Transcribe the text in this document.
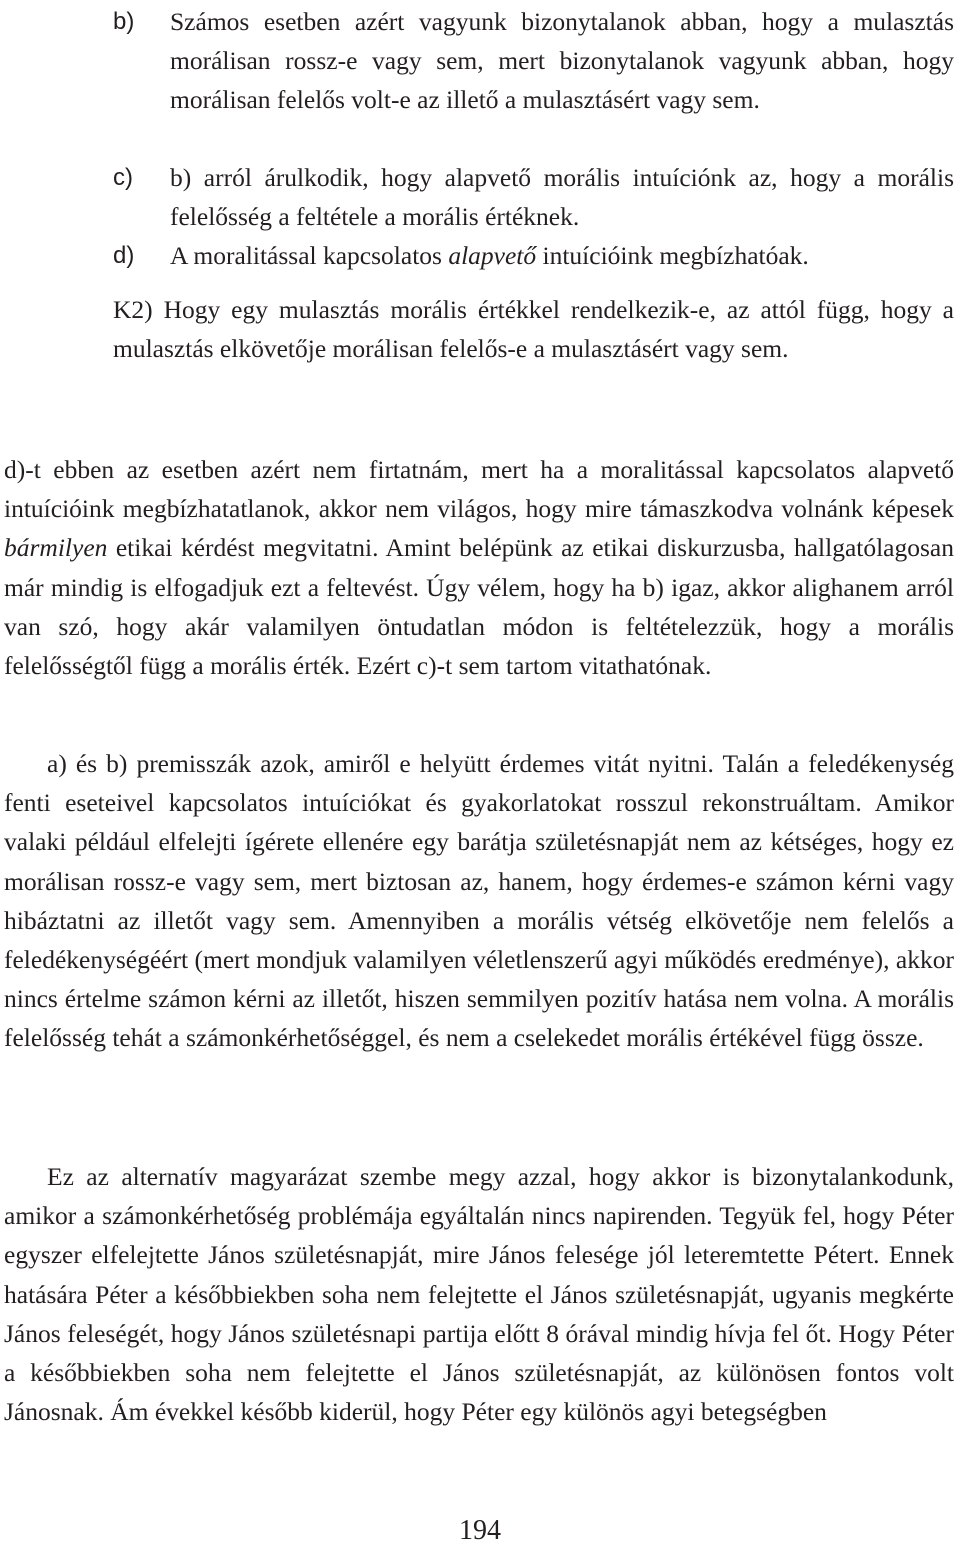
b) Számos esetben azért vagyunk bizonytalanok abban, hogy a mulasztás morálisan rossz-e vagy sem, mert bizonytalanok vagyunk abban, hogy morálisan felelős volt-e az illető a mulasztásért vagy sem.
c) b) arról árulkodik, hogy alapvető morális intuíciónk az, hogy a morális felelősség a feltétele a morális értéknek.
d) A moralitással kapcsolatos alapvető intuícióink megbízhatóak.
K2) Hogy egy mulasztás morális értékkel rendelkezik-e, az attól függ, hogy a mulasztás elkövetője morálisan felelős-e a mulasztásért vagy sem.
d)-t ebben az esetben azért nem firtatnám, mert ha a moralitással kapcsolatos alapvető intuícióink megbízhatatlanok, akkor nem világos, hogy mire támaszkodva volnánk képesek bármilyen etikai kérdést megvitatni. Amint belépünk az etikai diskurzusba, hallgatólagosan már mindig is elfogadjuk ezt a feltevést. Úgy vélem, hogy ha b) igaz, akkor alighanem arról van szó, hogy akár valamilyen öntudatlan módon is feltételezzük, hogy a morális felelősségtől függ a morális érték. Ezért c)-t sem tartom vitathatónak.
a) és b) premisszák azok, amiről e helyütt érdemes vitát nyitni. Talán a feledékenység fenti eseteivel kapcsolatos intuíciókat és gyakorlatokat rosszul rekonstruáltam. Amikor valaki például elfelejti ígérete ellenére egy barátja születésnapját nem az kétséges, hogy ez morálisan rossz-e vagy sem, mert biztosan az, hanem, hogy érdemes-e számon kérni vagy hibáztatni az illetőt vagy sem. Amennyiben a morális vétség elkövetője nem felelős a feledékenységéért (mert mondjuk valamilyen véletlenszerű agyi működés eredménye), akkor nincs értelme számon kérni az illetőt, hiszen semmilyen pozitív hatása nem volna. A morális felelősség tehát a számonkérhetőséggel, és nem a cselekedet morális értékével függ össze.
Ez az alternatív magyarázat szembe megy azzal, hogy akkor is bizonytalankodunk, amikor a számonkérhetőség problémája egyáltalán nincs napirenden. Tegyük fel, hogy Péter egyszer elfelejtette János születésnapját, mire János felesége jól leteremtette Pétert. Ennek hatására Péter a későbbiekben soha nem felejtette el János születésnapját, ugyanis megkérte János feleségét, hogy János születésnapi partija előtt 8 órával mindig hívja fel őt. Hogy Péter a későbbiekben soha nem felejtette el János születésnapját, az különösen fontos volt Jánosnak. Ám évekkel később kiderül, hogy Péter egy különös agyi betegségben
194
